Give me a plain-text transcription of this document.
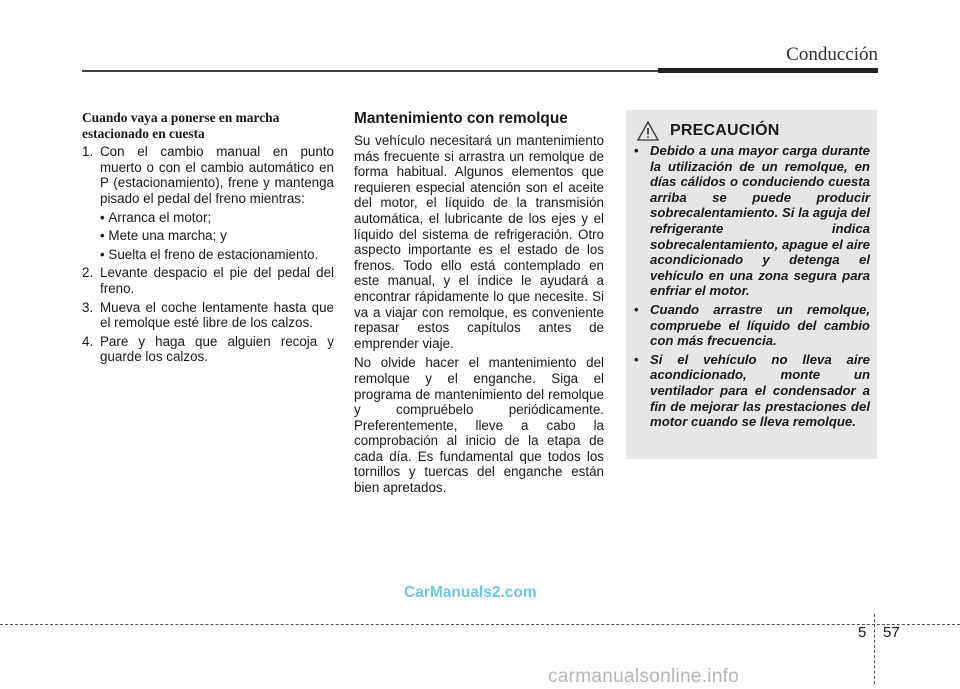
Conducción
Cuando vaya a ponerse en marcha estacionado en cuesta
1. Con el cambio manual en punto muerto o con el cambio automático en P (estacionamiento), frene y mantenga pisado el pedal del freno mientras:
• Arranca el motor;
• Mete una marcha; y
• Suelta el freno de estacionamiento.
2. Levante despacio el pie del pedal del freno.
3. Mueva el coche lentamente hasta que el remolque esté libre de los calzos.
4. Pare y haga que alguien recoja y guarde los calzos.
Mantenimiento con remolque

Su vehículo necesitará un mantenimiento más frecuente si arrastra un remolque de forma habitual. Algunos elementos que requieren especial atención son el aceite del motor, el líquido de la transmisión automática, el lubricante de los ejes y el líquido del sistema de refrigeración. Otro aspecto importante es el estado de los frenos. Todo ello está contemplado en este manual, y el índice le ayudará a encontrar rápidamente lo que necesite. Si va a viajar con remolque, es conveniente repasar estos capítulos antes de emprender viaje.

No olvide hacer el mantenimiento del remolque y el enganche. Siga el programa de mantenimiento del remolque y compruébelo periódicamente. Preferentemente, lleve a cabo la comprobación al inicio de la etapa de cada día. Es fundamental que todos los tornillos y tuercas del enganche están bien apretados.

PRECAUCIÓN
• Debido a una mayor carga durante la utilización de un remolque, en días cálidos o conduciendo cuesta arriba se puede producir sobrecalentamiento. Si la aguja del refrigerante indica sobrecalentamiento, apague el aire acondicionado y detenga el vehículo en una zona segura para enfriar el motor.
• Cuando arrastre un remolque, compruebe el líquido del cambio con más frecuencia.
• Si el vehículo no lleva aire acondicionado, monte un ventilador para el condensador a fin de mejorar las prestaciones del motor cuando se lleva remolque.
CarManuals2.com
5 57
carmanualsonline.info
